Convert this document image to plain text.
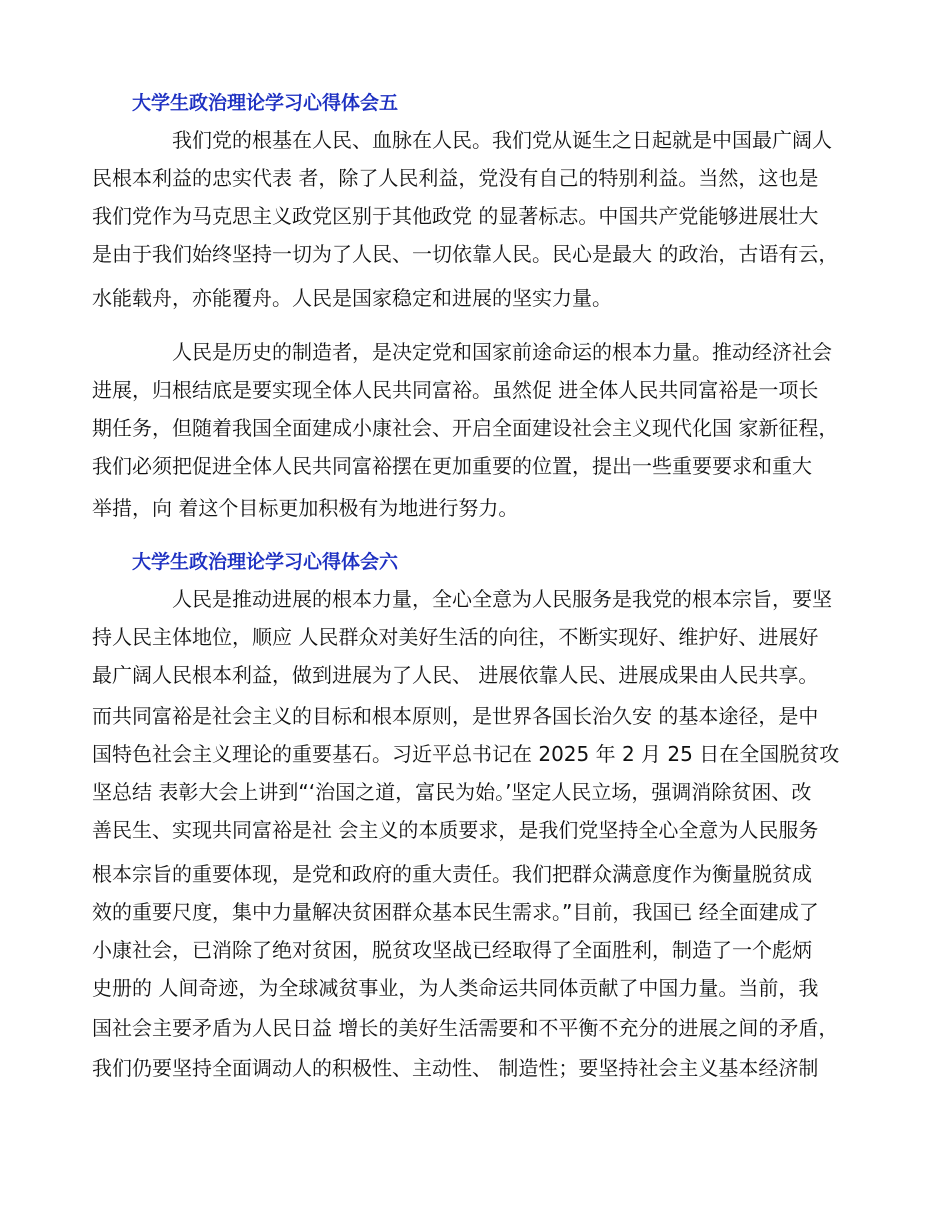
大学生政治理论学习心得体会五
我们党的根基在人民、血脉在人民。我们党从诞生之日起就是中国最广阔人
民根本利益的忠实代表 者，除了人民利益，党没有自己的特别利益。当然，这也是
我们党作为马克思主义政党区别于其他政党 的显著标志。中国共产党能够进展壮大
是由于我们始终坚持一切为了人民、一切依靠人民。民心是最大 的政治，古语有云，
水能载舟，亦能覆舟。人民是国家稳定和进展的坚实力量。
人民是历史的制造者，是决定党和国家前途命运的根本力量。推动经济社会
进展，归根结底是要实现全体人民共同富裕。虽然促 进全体人民共同富裕是一项长
期任务，但随着我国全面建成小康社会、开启全面建设社会主义现代化国 家新征程，
我们必须把促进全体人民共同富裕摆在更加重要的位置，提出一些重要要求和重大
举措，向 着这个目标更加积极有为地进行努力。
大学生政治理论学习心得体会六
人民是推动进展的根本力量，全心全意为人民服务是我党的根本宗旨，要坚
持人民主体地位，顺应 人民群众对美好生活的向往，不断实现好、维护好、进展好
最广阔人民根本利益，做到进展为了人民、 进展依靠人民、进展成果由人民共享。
而共同富裕是社会主义的目标和根本原则，是世界各国长治久安 的基本途径，是中
国特色社会主义理论的重要基石。习近平总书记在 2025 年 2 月 25 日在全国脱贫攻
坚总结 表彰大会上讲到“‘治国之道，富民为始。’坚定人民立场，强调消除贫困、改
善民生、实现共同富裕是社 会主义的本质要求，是我们党坚持全心全意为人民服务
根本宗旨的重要体现，是党和政府的重大责任。我们把群众满意度作为衡量脱贫成
效的重要尺度，集中力量解决贫困群众基本民生需求。”目前，我国已 经全面建成了
小康社会，已消除了绝对贫困，脱贫攻坚战已经取得了全面胜利，制造了一个彪炳
史册的 人间奇迹，为全球减贫事业，为人类命运共同体贡献了中国力量。当前，我
国社会主要矛盾为人民日益 增长的美好生活需要和不平衡不充分的进展之间的矛盾，
我们仍要坚持全面调动人的积极性、主动性、 制造性；要坚持社会主义基本经济制
